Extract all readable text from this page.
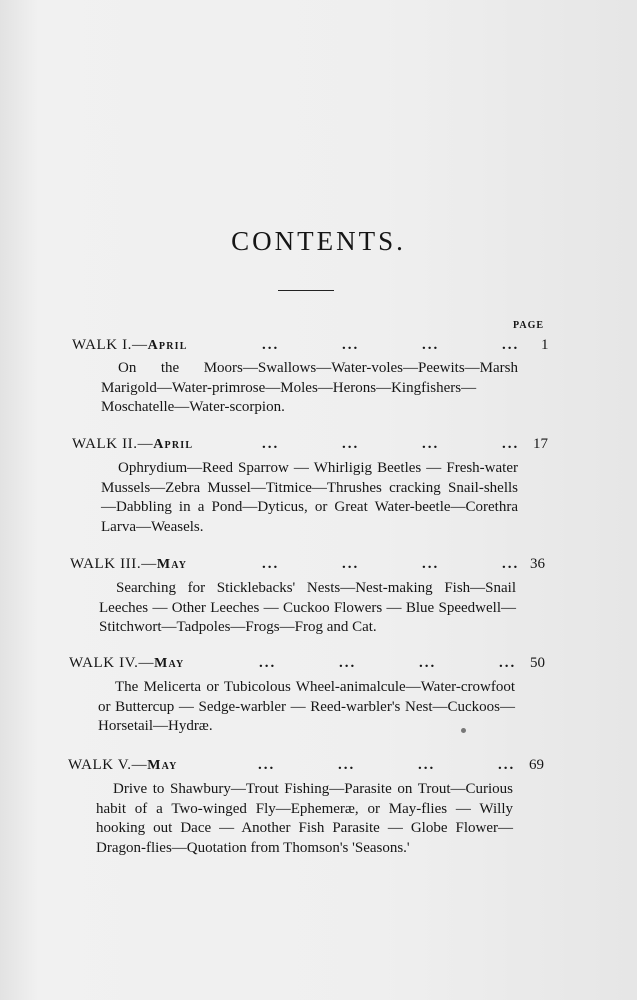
CONTENTS.
PAGE
WALK I.—April	...	...	...	... 1

On the Moors—Swallows—Water-voles—Peewits—Marsh Marigold—Water-primrose—Moles—Herons—Kingfishers—Moschatelle—Water-scorpion.

WALK II.—April	...	...	...	... 17

Ophrydium—Reed Sparrow — Whirligig Beetles — Fresh-water Mussels—Zebra Mussel—Titmice—Thrushes cracking Snail-shells—Dabbling in a Pond—Dyticus, or Great Water-beetle—Corethra Larva—Weasels.

WALK III.—May	...	...	...	... 36

Searching for Sticklebacks' Nests—Nest-making Fish—Snail Leeches — Other Leeches — Cuckoo Flowers — Blue Speedwell—Stitchwort—Tadpoles—Frogs—Frog and Cat.

WALK IV.—May	...	...	...	... 50

The Melicerta or Tubicolous Wheel-animalcule—Water-crowfoot or Buttercup — Sedge-warbler — Reed-warbler's Nest—Cuckoos—Horsetail—Hydræ.

WALK V.—May	...	...	...	... 69

Drive to Shawbury—Trout Fishing—Parasite on Trout—Curious habit of a Two-winged Fly—Ephemeræ, or May-flies — Willy hooking out Dace — Another Fish Parasite — Globe Flower—Dragon-flies—Quotation from Thomson's 'Seasons.'
